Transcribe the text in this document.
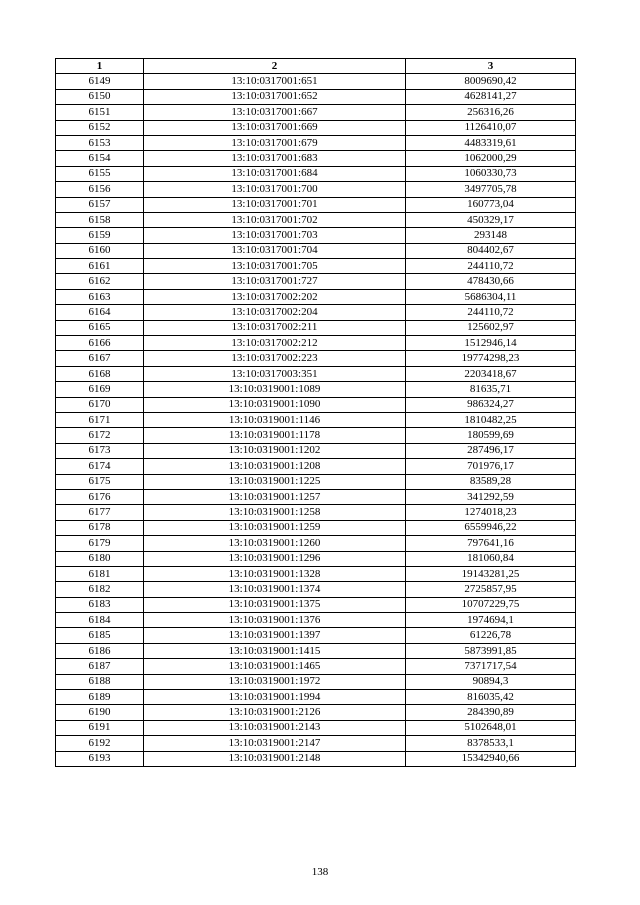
1	2	3
6149	13:10:0317001:651	8009690,42
6150	13:10:0317001:652	4628141,27
6151	13:10:0317001:667	256316,26
6152	13:10:0317001:669	1126410,07
6153	13:10:0317001:679	4483319,61
6154	13:10:0317001:683	1062000,29
6155	13:10:0317001:684	1060330,73
6156	13:10:0317001:700	3497705,78
6157	13:10:0317001:701	160773,04
6158	13:10:0317001:702	450329,17
6159	13:10:0317001:703	293148
6160	13:10:0317001:704	804402,67
6161	13:10:0317001:705	244110,72
6162	13:10:0317001:727	478430,66
6163	13:10:0317002:202	5686304,11
6164	13:10:0317002:204	244110,72
6165	13:10:0317002:211	125602,97
6166	13:10:0317002:212	1512946,14
6167	13:10:0317002:223	19774298,23
6168	13:10:0317003:351	2203418,67
6169	13:10:0319001:1089	81635,71
6170	13:10:0319001:1090	986324,27
6171	13:10:0319001:1146	1810482,25
6172	13:10:0319001:1178	180599,69
6173	13:10:0319001:1202	287496,17
6174	13:10:0319001:1208	701976,17
6175	13:10:0319001:1225	83589,28
6176	13:10:0319001:1257	341292,59
6177	13:10:0319001:1258	1274018,23
6178	13:10:0319001:1259	6559946,22
6179	13:10:0319001:1260	797641,16
6180	13:10:0319001:1296	181060,84
6181	13:10:0319001:1328	19143281,25
6182	13:10:0319001:1374	2725857,95
6183	13:10:0319001:1375	10707229,75
6184	13:10:0319001:1376	1974694,1
6185	13:10:0319001:1397	61226,78
6186	13:10:0319001:1415	5873991,85
6187	13:10:0319001:1465	7371717,54
6188	13:10:0319001:1972	90894,3
6189	13:10:0319001:1994	816035,42
6190	13:10:0319001:2126	284390,89
6191	13:10:0319001:2143	5102648,01
6192	13:10:0319001:2147	8378533,1
6193	13:10:0319001:2148	15342940,66
138
